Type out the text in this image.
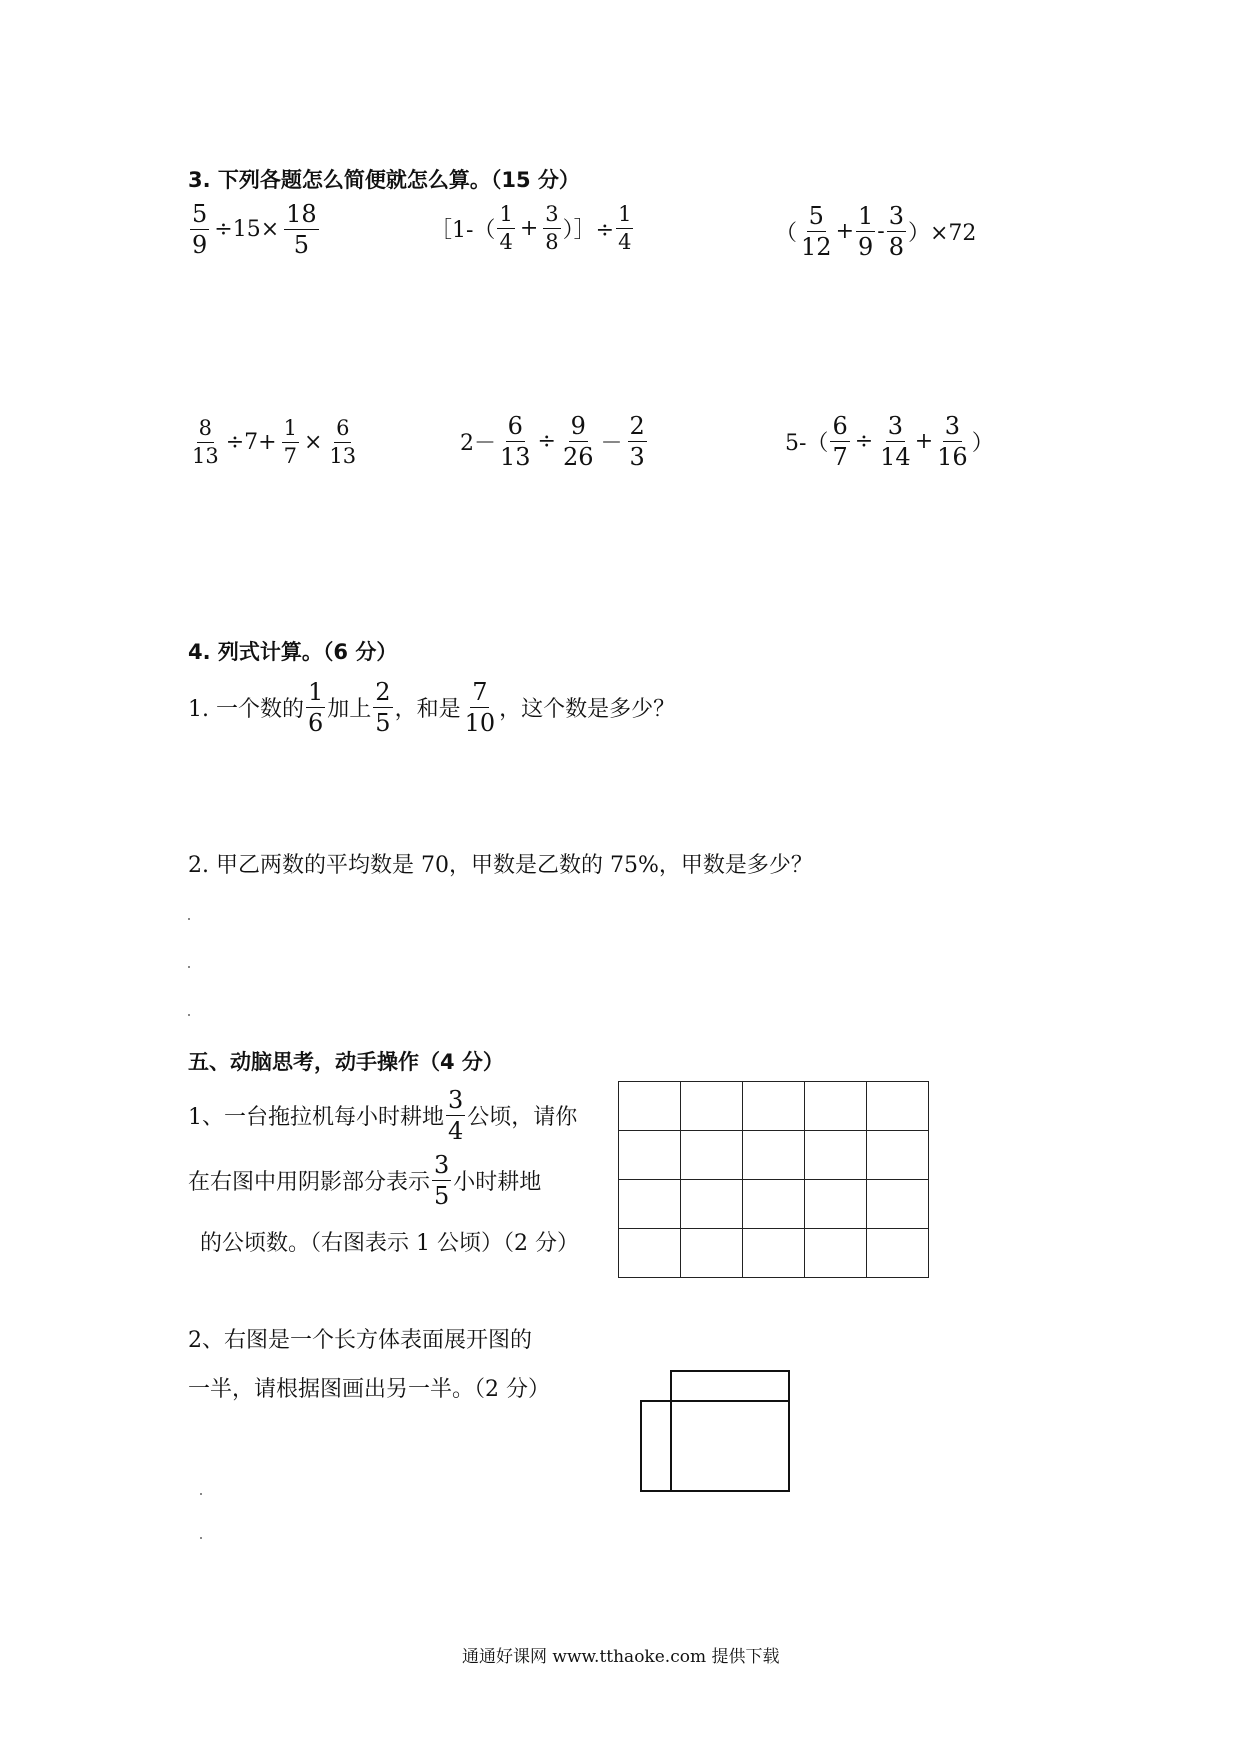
3. 下列各题怎么简便就怎么算。（15 分）
$\frac{5}{9} \div 15\times \frac{18}{5}$	［1-（ $\frac{1}{4} + \frac{3}{8}$ ）］÷ $\frac{1}{4}$	（ $\frac{5}{12} + \frac{1}{9} - \frac{3}{8} )\times 72$
$\frac{8}{13} \div 7+ \frac{1}{7} \times \frac{6}{13}$	$2- \frac{6}{13} \div \frac{9}{26} - \frac{2}{3}$	$5-( \frac{6}{7} \div \frac{3}{14} + \frac{3}{16}$ ）
4. 列式计算。（6 分）
1. 一个数的 $\frac{1}{6}$ 加上 $\frac{2}{5}$ ，和是 $\frac{7}{10}$ ，这个数是多少？
2. 甲乙两数的平均数是 70，甲数是乙数的 75%，甲数是多少？
五、动脑思考，动手操作（4 分）
1、一台拖拉机每小时耕地 $\frac{3}{4}$ 公顷，请你
在右图中用阴影部分表示 $\frac{3}{5}$ 小时耕地
的公顷数。（右图表示 1 公顷）（2 分）

2、右图是一个长方体表面展开图的
一半，请根据图画出另一半。（2 分）
通通好课网 www.tthaoke.com 提供下载
